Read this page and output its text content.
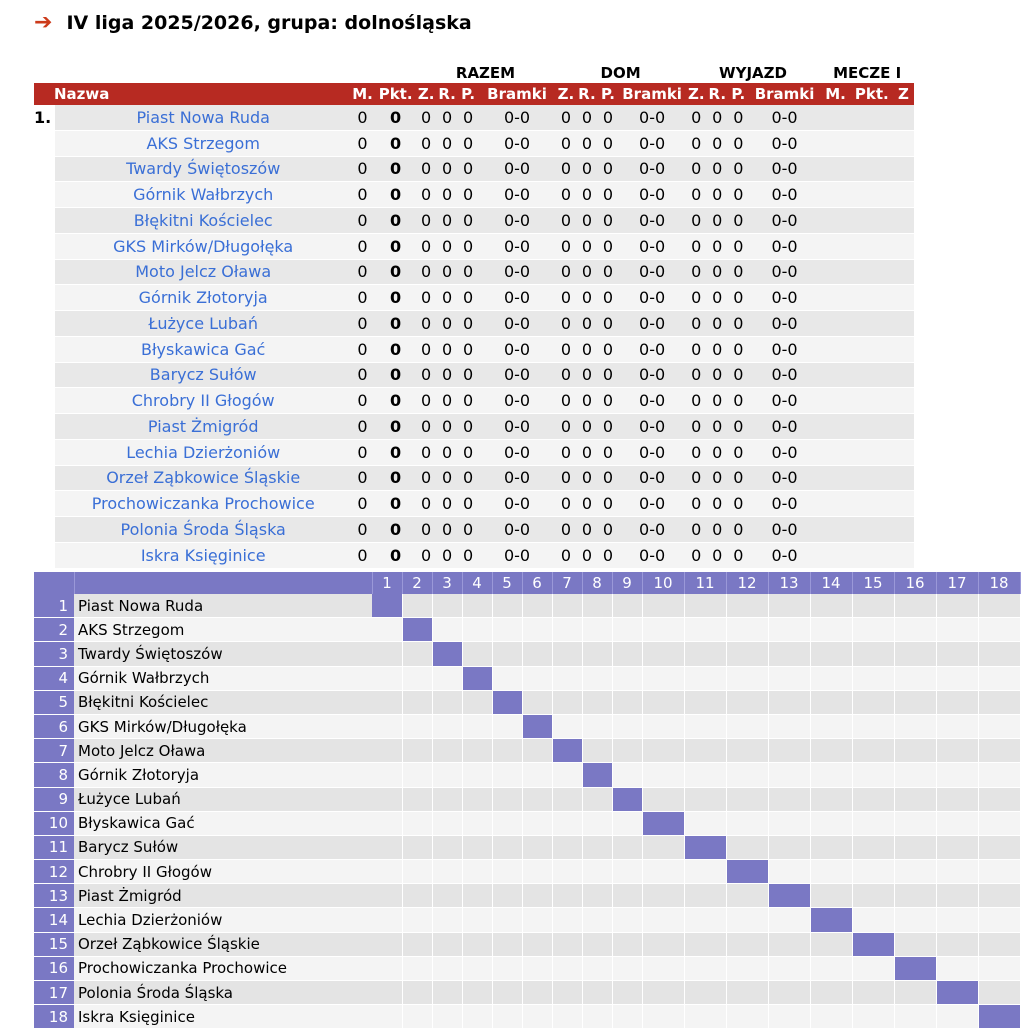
➔ IV liga 2025/2026, grupa: dolnośląska
				RAZEM				DOM				WYJAZD				MECZE I		
Nazwa		M.	Pkt.	Z.	R.	P.	Bramki	Z.	R.	P.	Bramki	Z.	R.	P.	Bramki	M.	Pkt.	Z
1.	Piast Nowa Ruda	0	0	0	0	0	0-0	0	0	0	0-0	0	0	0	0-0			
	AKS Strzegom	0	0	0	0	0	0-0	0	0	0	0-0	0	0	0	0-0			
	Twardy Świętoszów	0	0	0	0	0	0-0	0	0	0	0-0	0	0	0	0-0			
	Górnik Wałbrzych	0	0	0	0	0	0-0	0	0	0	0-0	0	0	0	0-0			
	Błękitni Kościelec	0	0	0	0	0	0-0	0	0	0	0-0	0	0	0	0-0			
	GKS Mirków/Długołęka	0	0	0	0	0	0-0	0	0	0	0-0	0	0	0	0-0			
	Moto Jelcz Oława	0	0	0	0	0	0-0	0	0	0	0-0	0	0	0	0-0			
	Górnik Złotoryja	0	0	0	0	0	0-0	0	0	0	0-0	0	0	0	0-0			
	Łużyce Lubań	0	0	0	0	0	0-0	0	0	0	0-0	0	0	0	0-0			
	Błyskawica Gać	0	0	0	0	0	0-0	0	0	0	0-0	0	0	0	0-0			
	Barycz Sułów	0	0	0	0	0	0-0	0	0	0	0-0	0	0	0	0-0			
	Chrobry II Głogów	0	0	0	0	0	0-0	0	0	0	0-0	0	0	0	0-0			
	Piast Żmigród	0	0	0	0	0	0-0	0	0	0	0-0	0	0	0	0-0			
	Lechia Dzierżoniów	0	0	0	0	0	0-0	0	0	0	0-0	0	0	0	0-0			
	Orzeł Ząbkowice Śląskie	0	0	0	0	0	0-0	0	0	0	0-0	0	0	0	0-0			
	Prochowiczanka Prochowice	0	0	0	0	0	0-0	0	0	0	0-0	0	0	0	0-0			
	Polonia Środa Śląska	0	0	0	0	0	0-0	0	0	0	0-0	0	0	0	0-0			
	Iskra Księginice	0	0	0	0	0	0-0	0	0	0	0-0	0	0	0	0-0			
		1	2	3	4	5	6	7	8	9	10	11	12	13	14	15	16	17	18
1	Piast Nowa Ruda																		
2	AKS Strzegom																		
3	Twardy Świętoszów																		
4	Górnik Wałbrzych																		
5	Błękitni Kościelec																		
6	GKS Mirków/Długołęka																		
7	Moto Jelcz Oława																		
8	Górnik Złotoryja																		
9	Łużyce Lubań																		
10	Błyskawica Gać																		
11	Barycz Sułów																		
12	Chrobry II Głogów																		
13	Piast Żmigród																		
14	Lechia Dzierżoniów																		
15	Orzeł Ząbkowice Śląskie																		
16	Prochowiczanka Prochowice																		
17	Polonia Środa Śląska																		
18	Iskra Księginice																		
